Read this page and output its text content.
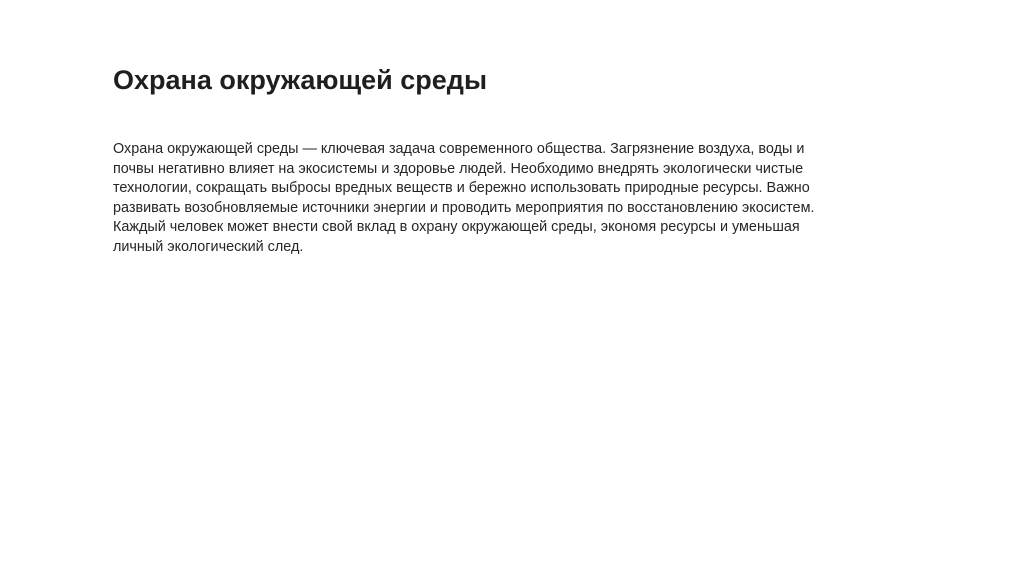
Охрана окружающей среды

Охрана окружающей среды — ключевая задача современного общества. Загрязнение воздуха, воды и
почвы негативно влияет на экосистемы и здоровье людей. Необходимо внедрять экологически чистые
технологии, сокращать выбросы вредных веществ и бережно использовать природные ресурсы. Важно
развивать возобновляемые источники энергии и проводить мероприятия по восстановлению экосистем.
Каждый человек может внести свой вклад в охрану окружающей среды, экономя ресурсы и уменьшая
личный экологический след.
